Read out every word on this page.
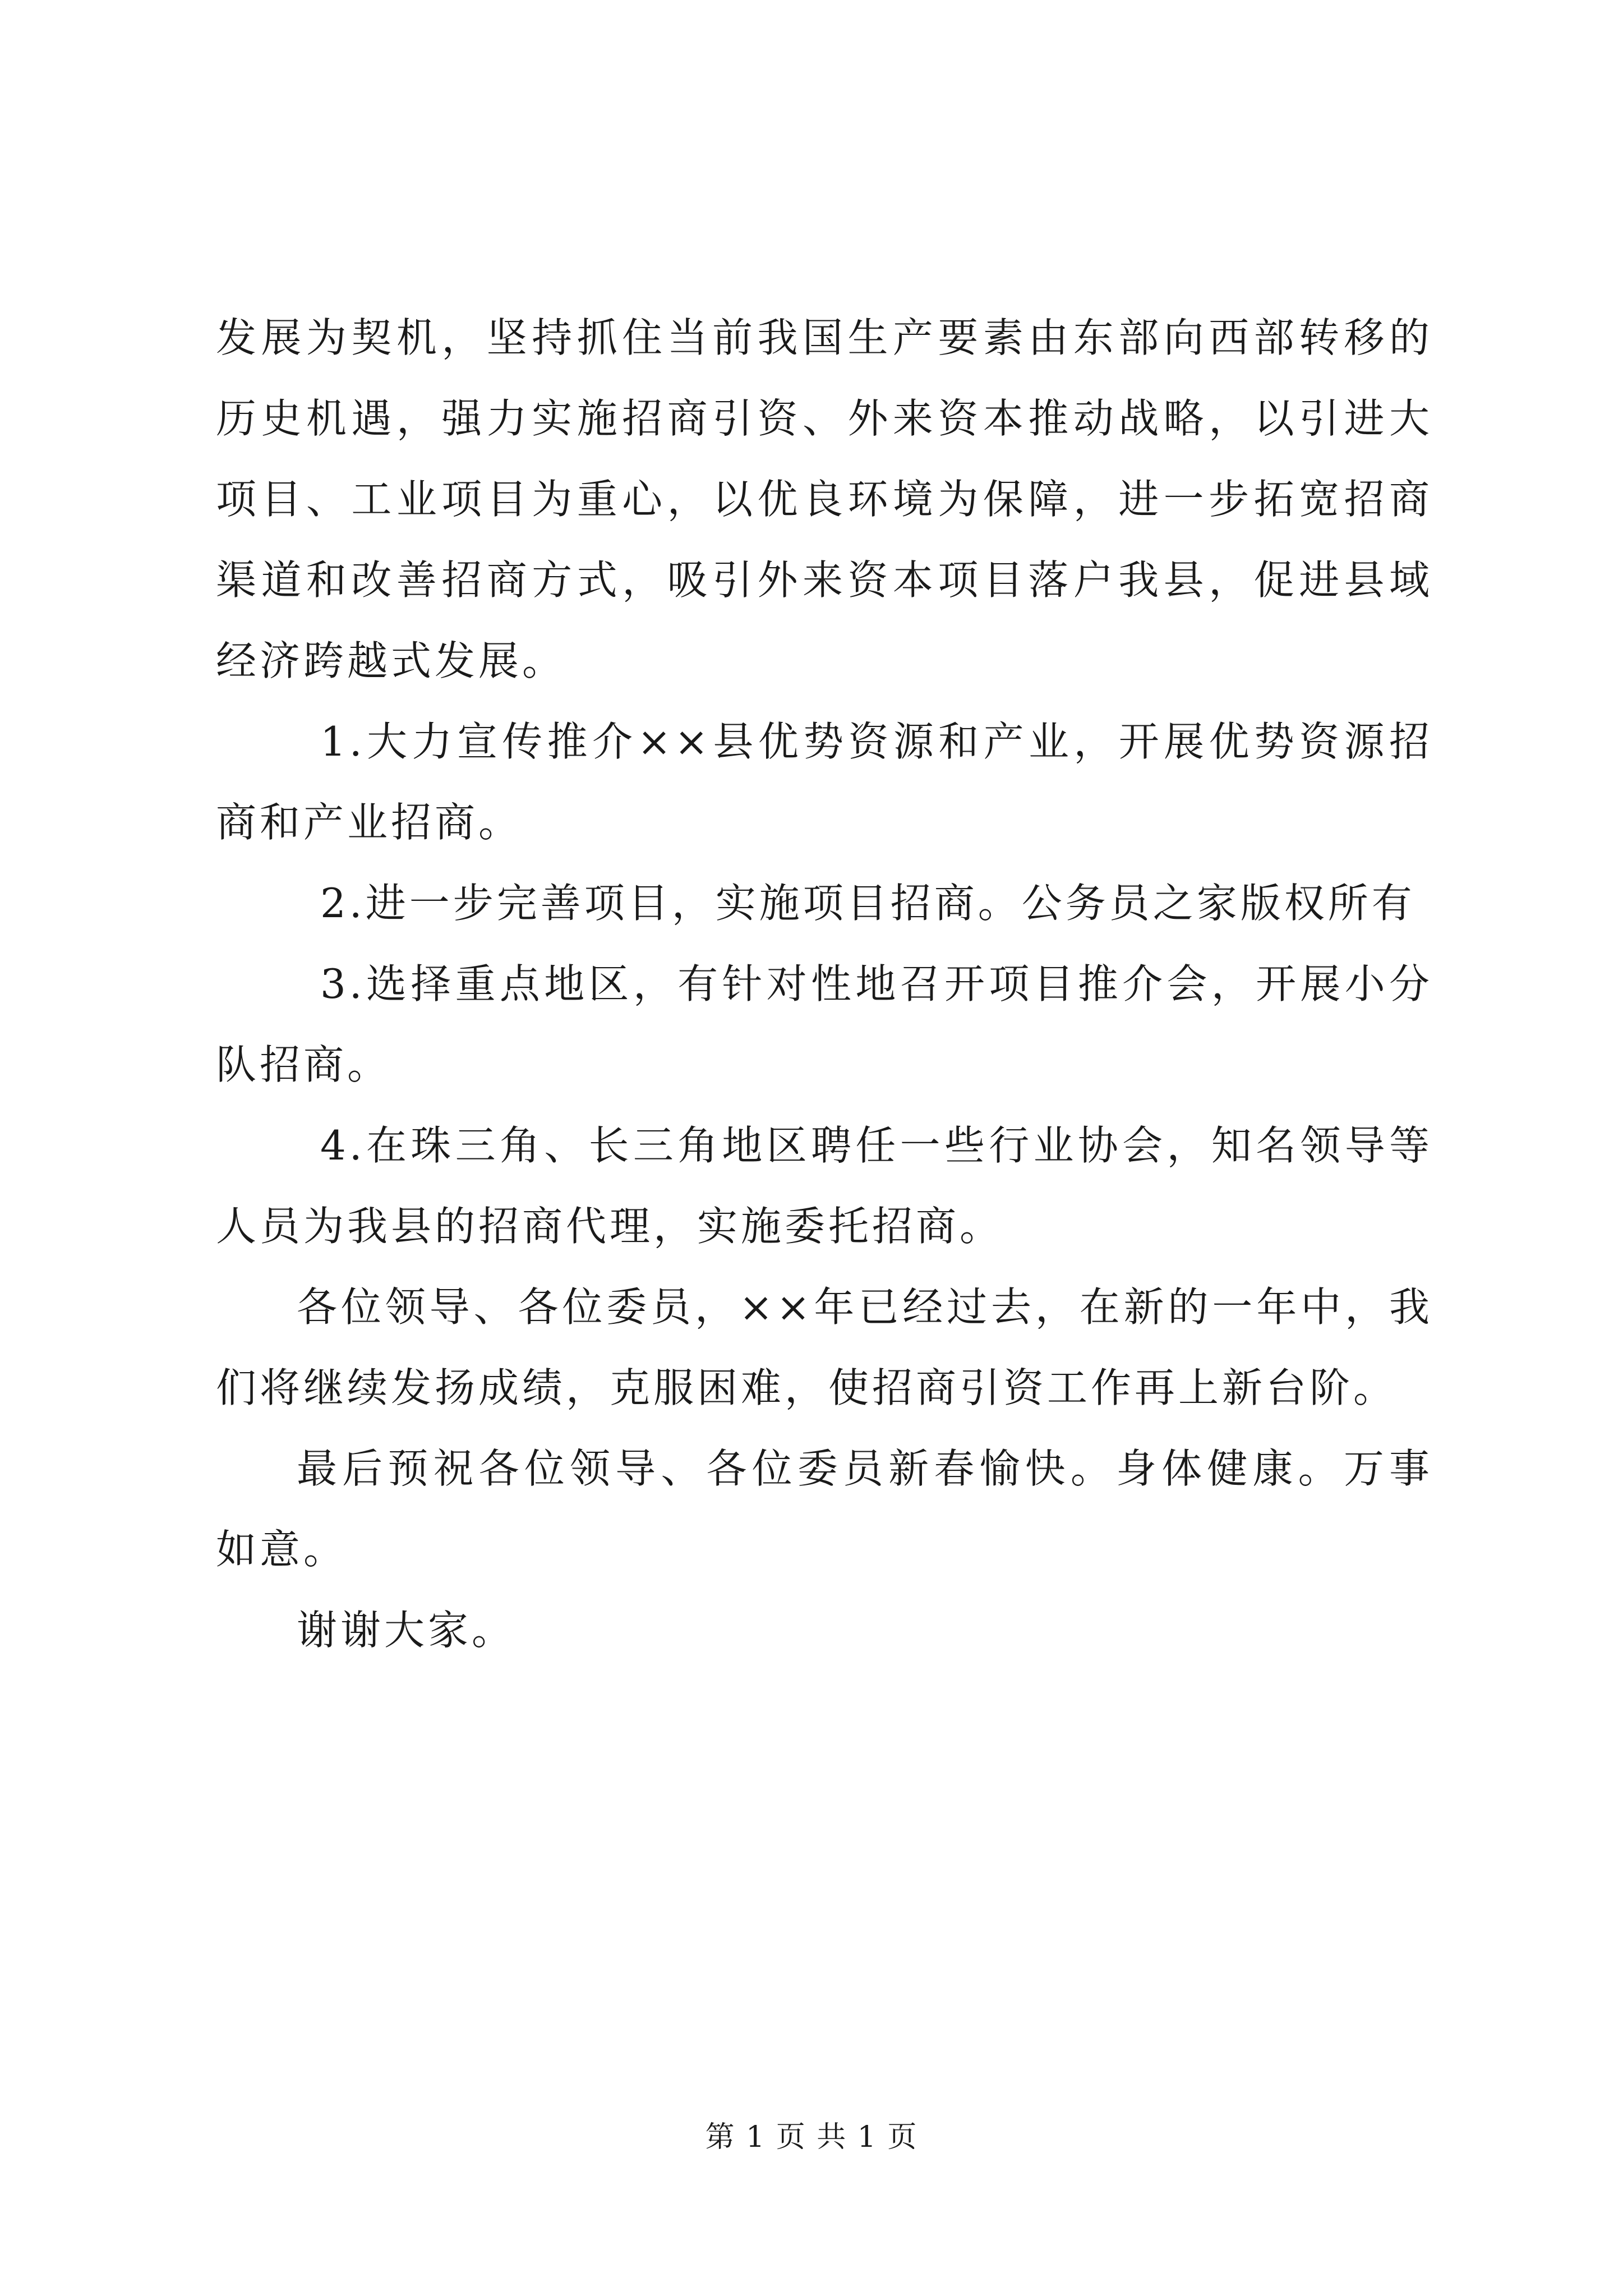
发展为契机，坚持抓住当前我国生产要素由东部向西部转移的历史机遇，强力实施招商引资、外来资本推动战略，以引进大项目、工业项目为重心，以优良环境为保障，进一步拓宽招商渠道和改善招商方式，吸引外来资本项目落户我县，促进县域经济跨越式发展。

1.大力宣传推介××县优势资源和产业，开展优势资源招商和产业招商。

2.进一步完善项目，实施项目招商。公务员之家版权所有

3.选择重点地区，有针对性地召开项目推介会，开展小分队招商。

4.在珠三角、长三角地区聘任一些行业协会，知名领导等人员为我县的招商代理，实施委托招商。

各位领导、各位委员，××年已经过去，在新的一年中，我们将继续发扬成绩，克服困难，使招商引资工作再上新台阶。

最后预祝各位领导、各位委员新春愉快。身体健康。万事如意。

谢谢大家。

第 1 页 共 1 页
